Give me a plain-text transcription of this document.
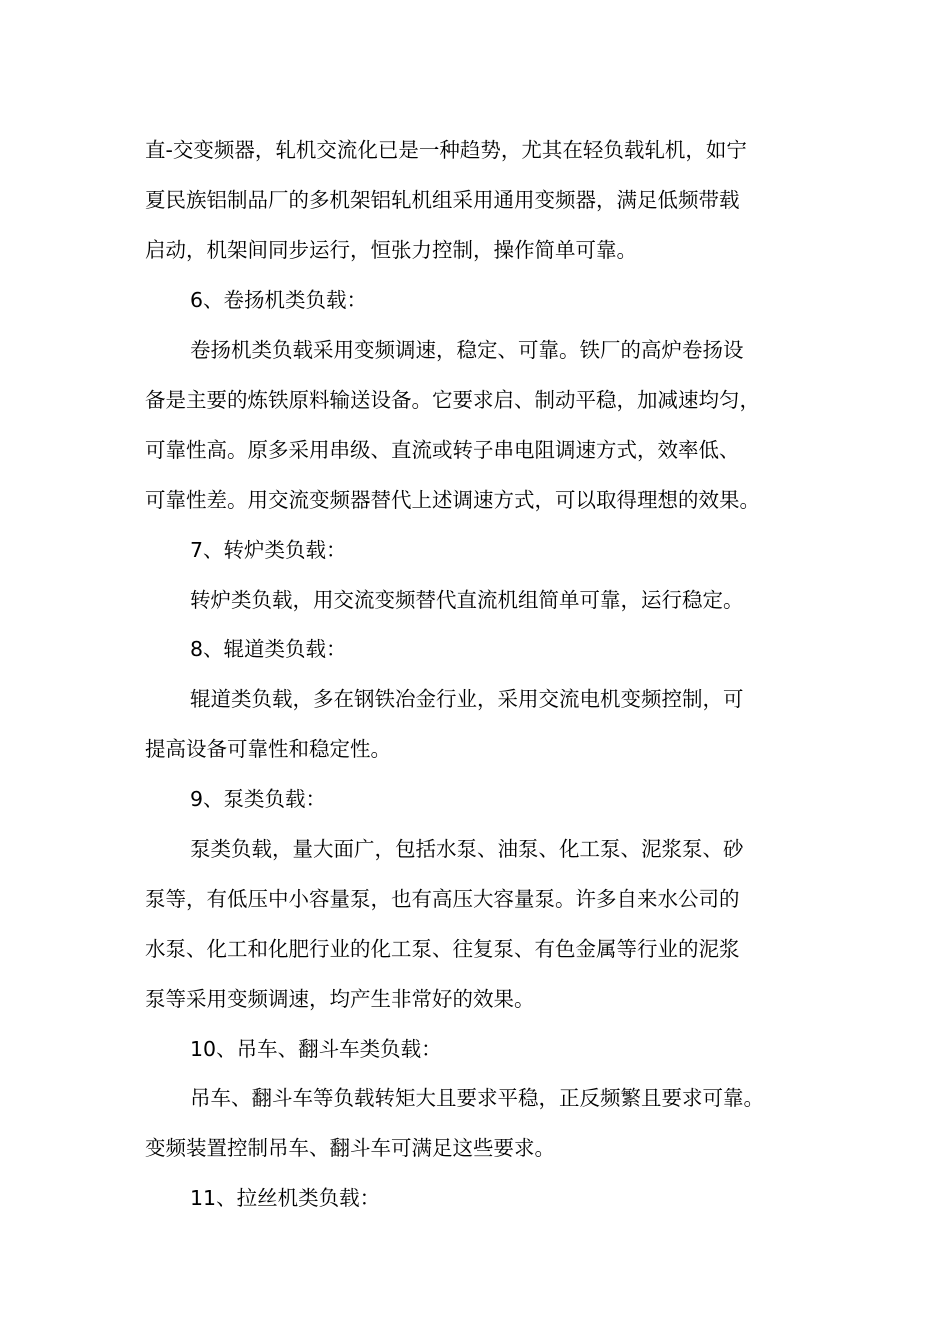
直-交变频器，轧机交流化已是一种趋势，尤其在轻负载轧机，如宁
夏民族铝制品厂的多机架铝轧机组采用通用变频器，满足低频带载
启动，机架间同步运行，恒张力控制，操作简单可靠。
6、卷扬机类负载：
卷扬机类负载采用变频调速，稳定、可靠。铁厂的高炉卷扬设
备是主要的炼铁原料输送设备。它要求启、制动平稳，加减速均匀，
可靠性高。原多采用串级、直流或转子串电阻调速方式，效率低、
可靠性差。用交流变频器替代上述调速方式，可以取得理想的效果。
7、转炉类负载：
转炉类负载，用交流变频替代直流机组简单可靠，运行稳定。
8、辊道类负载：
辊道类负载，多在钢铁冶金行业，采用交流电机变频控制，可
提高设备可靠性和稳定性。
9、泵类负载：
泵类负载，量大面广，包括水泵、油泵、化工泵、泥浆泵、砂
泵等，有低压中小容量泵，也有高压大容量泵。许多自来水公司的
水泵、化工和化肥行业的化工泵、往复泵、有色金属等行业的泥浆
泵等采用变频调速，均产生非常好的效果。
10、吊车、翻斗车类负载：
吊车、翻斗车等负载转矩大且要求平稳，正反频繁且要求可靠。
变频装置控制吊车、翻斗车可满足这些要求。
11、拉丝机类负载：
